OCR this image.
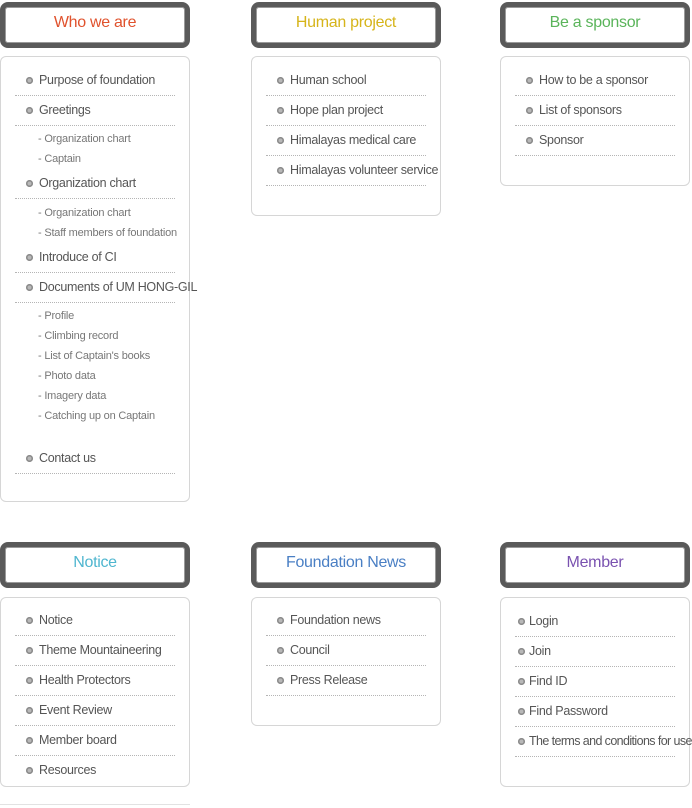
Who we are	Human project	Be a sponsor
Notice	Foundation News	Member
Purpose of foundation
Greetings
- Organization chart
- Captain
Organization chart
- Organization chart
- Staff members of foundation
Introduce of CI
Documents of UM HONG-GIL
- Profile
- Climbing record
- List of Captain's books
- Photo data
- Imagery data
- Catching up on Captain
Contact us
Human school
Hope plan project
Himalayas medical care
Himalayas volunteer service
How to be a sponsor
List of sponsors
Sponsor
Notice
Theme Mountaineering
Health Protectors
Event Review
Member board
Resources
Foundation news
Council
Press Release
Login
Join
Find ID
Find Password
The terms and conditions for use
